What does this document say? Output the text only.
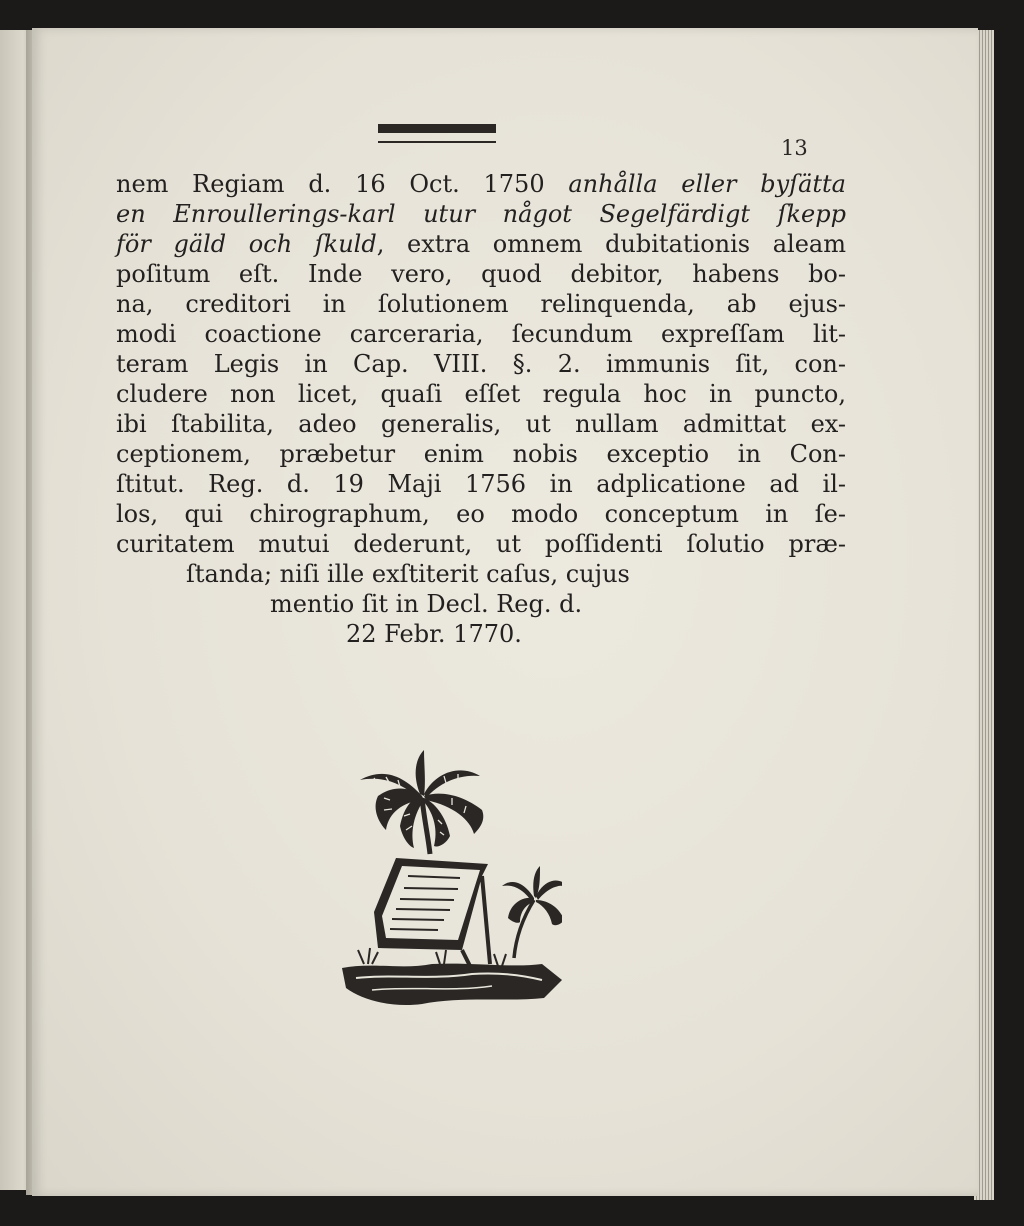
13
nem Regiam d. 16 Oct. 1750 anhålla eller byſätta
en Enroullerings-karl utur något Segelfärdigt ſkepp
för gäld och ſkuld, extra omnem dubitationis aleam
poſitum eſt. Inde vero, quod debitor, habens bo-
na, creditori in ſolutionem relinquenda, ab ejus-
modi coactione carceraria, ſecundum expreſſam lit-
teram Legis in Cap. VIII. §. 2. immunis ſit, con-
cludere non licet, quaſi eſſet regula hoc in puncto,
ibi ſtabilita, adeo generalis, ut nullam admittat ex-
ceptionem, præbetur enim nobis exceptio in Con-
ſtitut. Reg. d. 19 Maji 1756 in adplicatione ad il-
los, qui chirographum, eo modo conceptum in ſe-
curitatem mutui dederunt, ut poſſidenti ſolutio præ-
ſtanda; niſi ille exſtiterit caſus, cujus
mentio ſit in Decl. Reg. d.
22 Febr. 1770.
